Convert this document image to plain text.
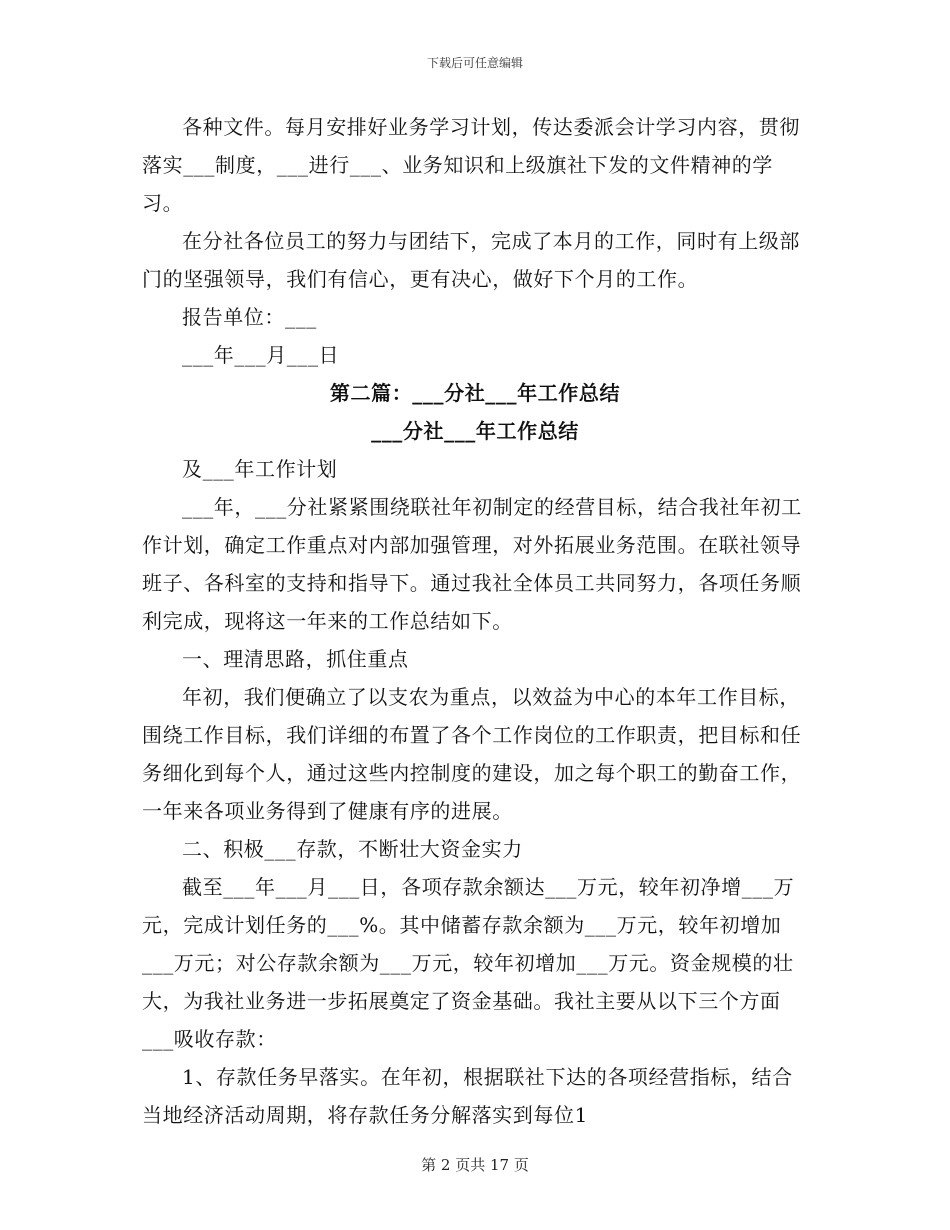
下载后可任意编辑

各种文件。每月安排好业务学习计划，传达委派会计学习内容，贯彻落实___制度，___进行___、业务知识和上级旗社下发的文件精神的学习。

在分社各位员工的努力与团结下，完成了本月的工作，同时有上级部门的坚强领导，我们有信心，更有决心，做好下个月的工作。

报告单位：___

___年___月___日

第二篇：___分社___年工作总结

___分社___年工作总结

及___年工作计划

___年，___分社紧紧围绕联社年初制定的经营目标，结合我社年初工作计划，确定工作重点对内部加强管理，对外拓展业务范围。在联社领导班子、各科室的支持和指导下。通过我社全体员工共同努力，各项任务顺利完成，现将这一年来的工作总结如下。

一、理清思路，抓住重点

年初，我们便确立了以支农为重点，以效益为中心的本年工作目标，围绕工作目标，我们详细的布置了各个工作岗位的工作职责，把目标和任务细化到每个人，通过这些内控制度的建设，加之每个职工的勤奋工作，一年来各项业务得到了健康有序的进展。

二、积极___存款，不断壮大资金实力

截至___年___月___日，各项存款余额达___万元，较年初净增___万元，完成计划任务的___%。其中储蓄存款余额为___万元，较年初增加___万元；对公存款余额为___万元，较年初增加___万元。资金规模的壮大，为我社业务进一步拓展奠定了资金基础。我社主要从以下三个方面___吸收存款：

1、存款任务早落实。在年初，根据联社下达的各项经营指标，结合当地经济活动周期，将存款任务分解落实到每位1

第 2 页共 17 页
